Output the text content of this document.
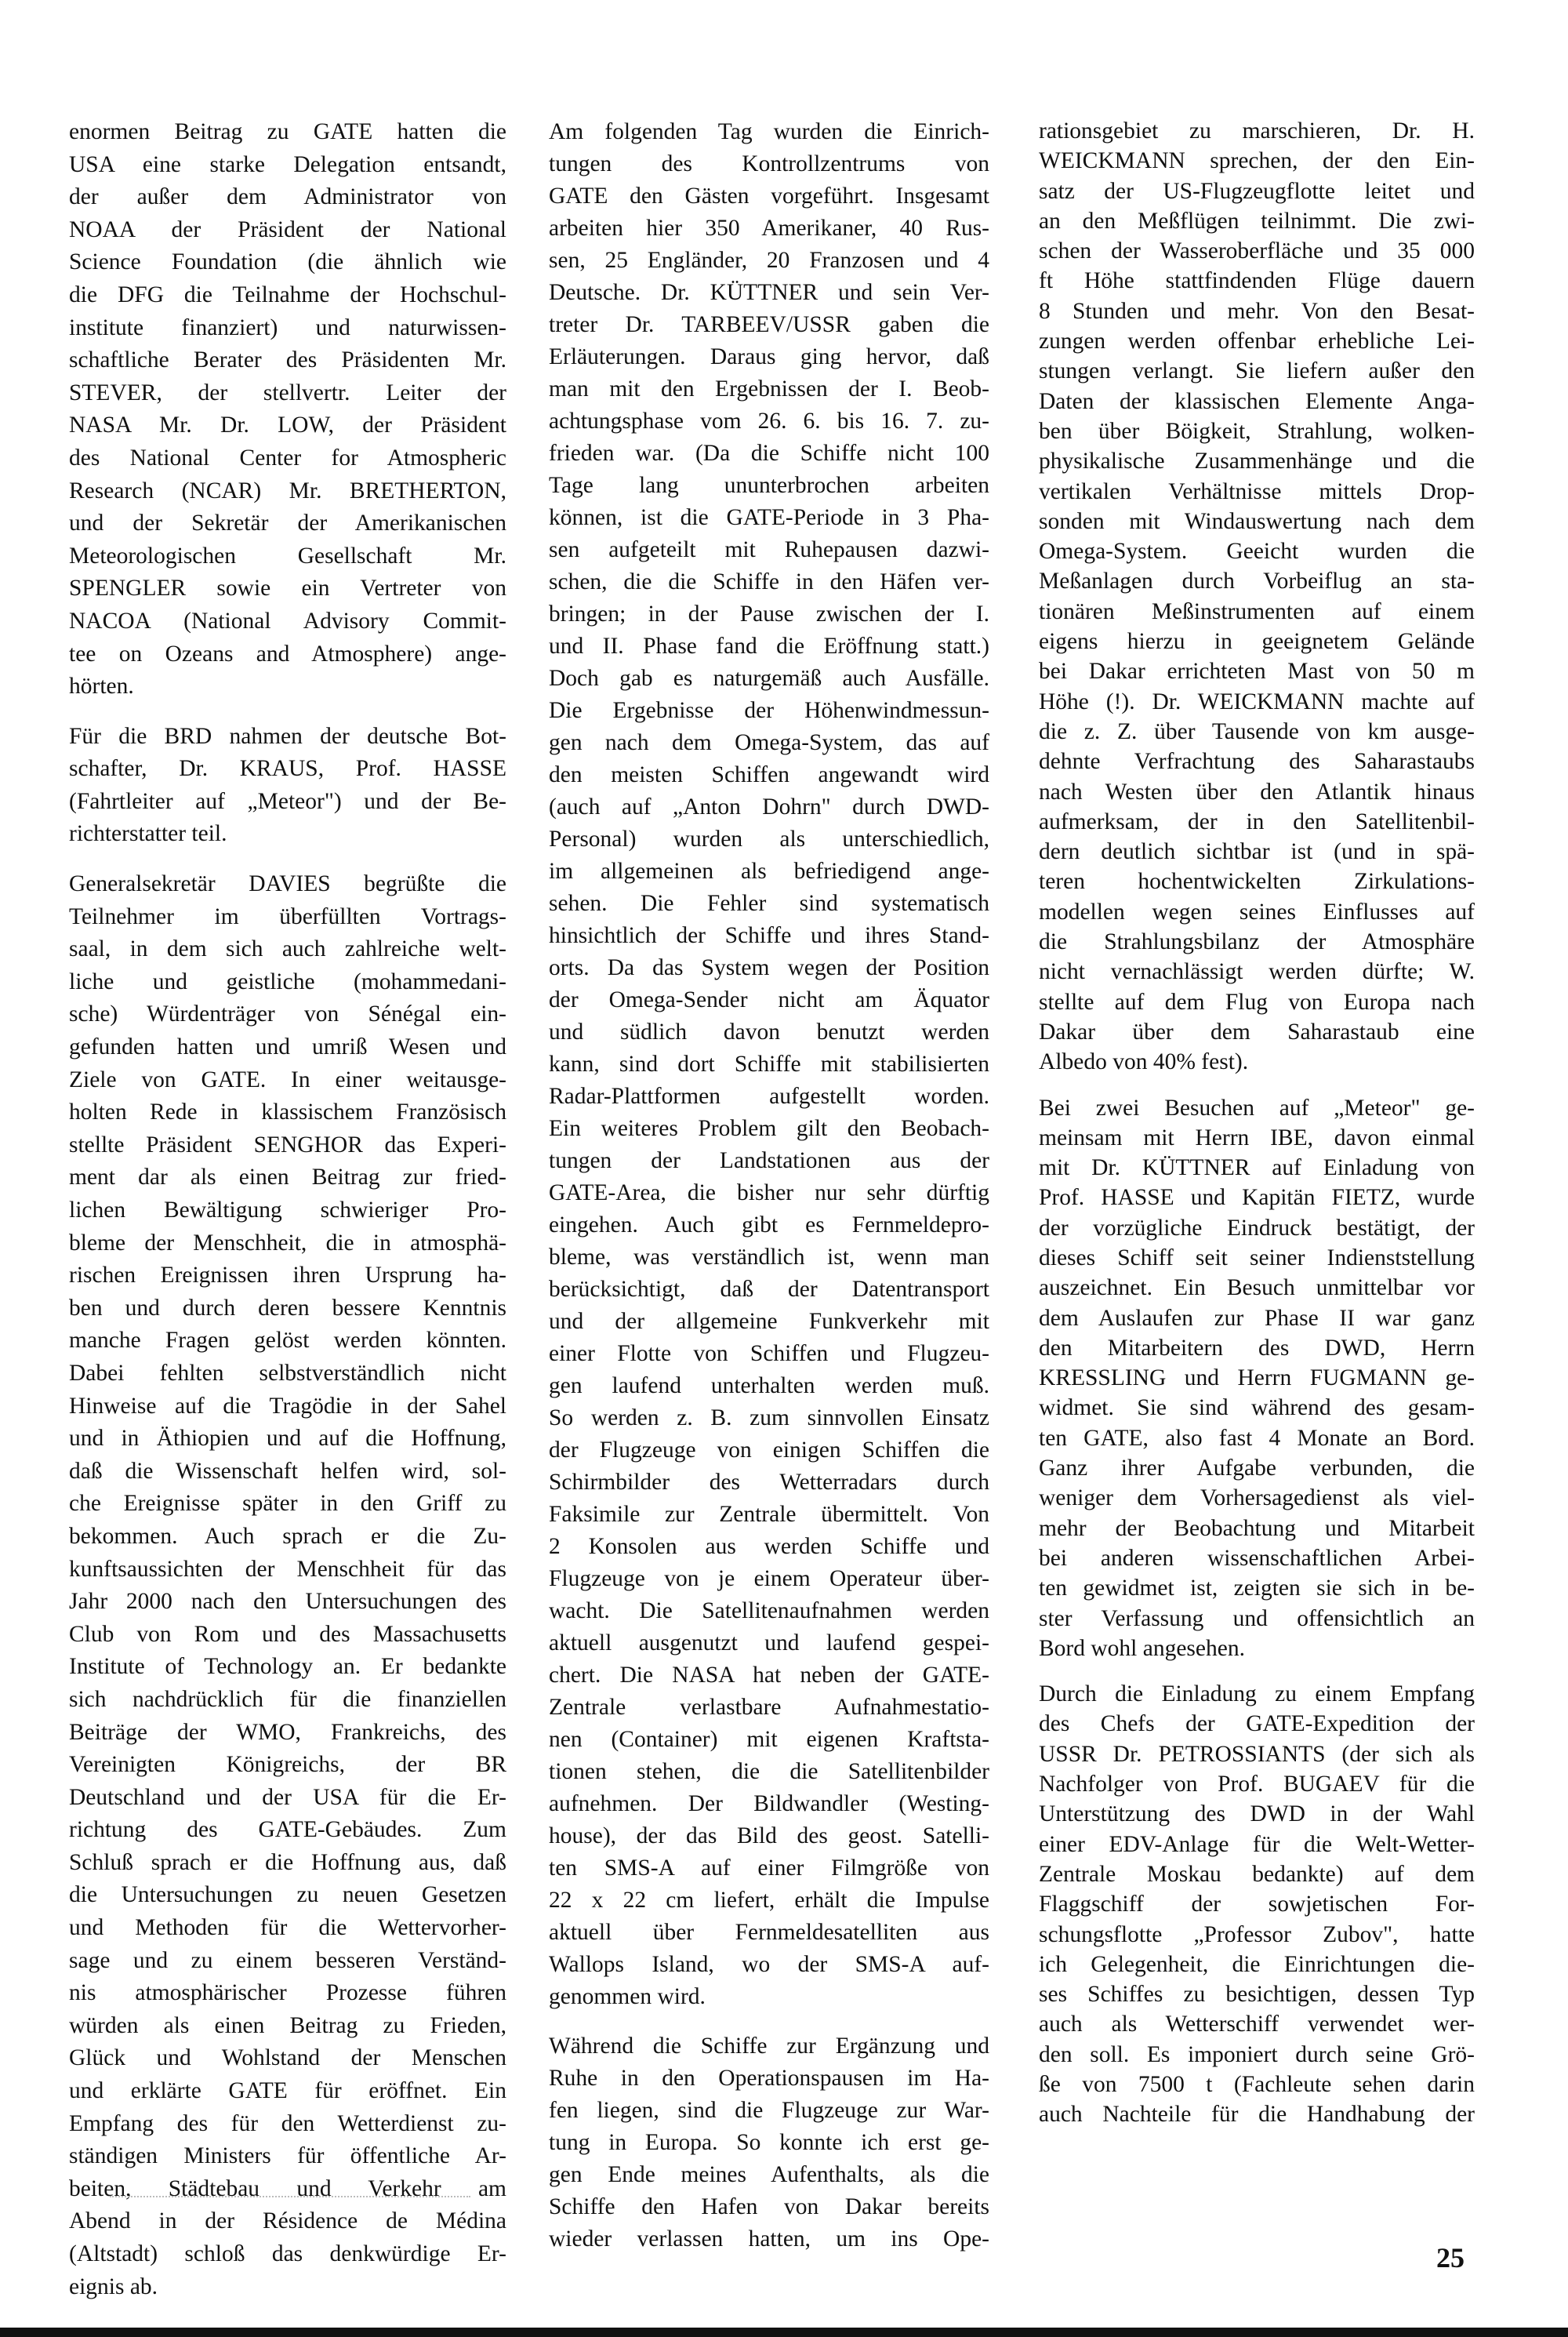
enormen Beitrag zu GATE hatten die
USA eine starke Delegation entsandt,
der außer dem Administrator von
NOAA der Präsident der National
Science Foundation (die ähnlich wie
die DFG die Teilnahme der Hochschul-
institute finanziert) und naturwissen-
schaftliche Berater des Präsidenten Mr.
STEVER, der stellvertr. Leiter der
NASA Mr. Dr. LOW, der Präsident
des National Center for Atmospheric
Research (NCAR) Mr. BRETHERTON,
und der Sekretär der Amerikanischen
Meteorologischen Gesellschaft Mr.
SPENGLER sowie ein Vertreter von
NACOA (National Advisory Commit-
tee on Ozeans and Atmosphere) ange-
hörten.
Für die BRD nahmen der deutsche Bot-
schafter, Dr. KRAUS, Prof. HASSE
(Fahrtleiter auf „Meteor") und der Be-
richterstatter teil.
Generalsekretär DAVIES begrüßte die
Teilnehmer im überfüllten Vortrags-
saal, in dem sich auch zahlreiche welt-
liche und geistliche (mohammedani-
sche) Würdenträger von Sénégal ein-
gefunden hatten und umriß Wesen und
Ziele von GATE. In einer weitausge-
holten Rede in klassischem Französisch
stellte Präsident SENGHOR das Experi-
ment dar als einen Beitrag zur fried-
lichen Bewältigung schwieriger Pro-
bleme der Menschheit, die in atmosphä-
rischen Ereignissen ihren Ursprung ha-
ben und durch deren bessere Kenntnis
manche Fragen gelöst werden könnten.
Dabei fehlten selbstverständlich nicht
Hinweise auf die Tragödie in der Sahel
und in Äthiopien und auf die Hoffnung,
daß die Wissenschaft helfen wird, sol-
che Ereignisse später in den Griff zu
bekommen. Auch sprach er die Zu-
kunftsaussichten der Menschheit für das
Jahr 2000 nach den Untersuchungen des
Club von Rom und des Massachusetts
Institute of Technology an. Er bedankte
sich nachdrücklich für die finanziellen
Beiträge der WMO, Frankreichs, des
Vereinigten Königreichs, der BR
Deutschland und der USA für die Er-
richtung des GATE-Gebäudes. Zum
Schluß sprach er die Hoffnung aus, daß
die Untersuchungen zu neuen Gesetzen
und Methoden für die Wettervorher-
sage und zu einem besseren Verständ-
nis atmosphärischer Prozesse führen
würden als einen Beitrag zu Frieden,
Glück und Wohlstand der Menschen
und erklärte GATE für eröffnet. Ein
Empfang des für den Wetterdienst zu-
ständigen Ministers für öffentliche Ar-
beiten, Städtebau und Verkehr am
Abend in der Résidence de Médina
(Altstadt) schloß das denkwürdige Er-
eignis ab.
Am folgenden Tag wurden die Einrich-
tungen des Kontrollzentrums von
GATE den Gästen vorgeführt. Insgesamt
arbeiten hier 350 Amerikaner, 40 Rus-
sen, 25 Engländer, 20 Franzosen und 4
Deutsche. Dr. KÜTTNER und sein Ver-
treter Dr. TARBEEV/USSR gaben die
Erläuterungen. Daraus ging hervor, daß
man mit den Ergebnissen der I. Beob-
achtungsphase vom 26. 6. bis 16. 7. zu-
frieden war. (Da die Schiffe nicht 100
Tage lang ununterbrochen arbeiten
können, ist die GATE-Periode in 3 Pha-
sen aufgeteilt mit Ruhepausen dazwi-
schen, die die Schiffe in den Häfen ver-
bringen; in der Pause zwischen der I.
und II. Phase fand die Eröffnung statt.)
Doch gab es naturgemäß auch Ausfälle.
Die Ergebnisse der Höhenwindmessun-
gen nach dem Omega-System, das auf
den meisten Schiffen angewandt wird
(auch auf „Anton Dohrn" durch DWD-
Personal) wurden als unterschiedlich,
im allgemeinen als befriedigend ange-
sehen. Die Fehler sind systematisch
hinsichtlich der Schiffe und ihres Stand-
orts. Da das System wegen der Position
der Omega-Sender nicht am Äquator
und südlich davon benutzt werden
kann, sind dort Schiffe mit stabilisierten
Radar-Plattformen aufgestellt worden.
Ein weiteres Problem gilt den Beobach-
tungen der Landstationen aus der
GATE-Area, die bisher nur sehr dürftig
eingehen. Auch gibt es Fernmeldepro-
bleme, was verständlich ist, wenn man
berücksichtigt, daß der Datentransport
und der allgemeine Funkverkehr mit
einer Flotte von Schiffen und Flugzeu-
gen laufend unterhalten werden muß.
So werden z. B. zum sinnvollen Einsatz
der Flugzeuge von einigen Schiffen die
Schirmbilder des Wetterradars durch
Faksimile zur Zentrale übermittelt. Von
2 Konsolen aus werden Schiffe und
Flugzeuge von je einem Operateur über-
wacht. Die Satellitenaufnahmen werden
aktuell ausgenutzt und laufend gespei-
chert. Die NASA hat neben der GATE-
Zentrale verlastbare Aufnahmestatio-
nen (Container) mit eigenen Kraftsta-
tionen stehen, die die Satellitenbilder
aufnehmen. Der Bildwandler (Westing-
house), der das Bild des geost. Satelli-
ten SMS-A auf einer Filmgröße von
22 x 22 cm liefert, erhält die Impulse
aktuell über Fernmeldesatelliten aus
Wallops Island, wo der SMS-A auf-
genommen wird.
Während die Schiffe zur Ergänzung und
Ruhe in den Operationspausen im Ha-
fen liegen, sind die Flugzeuge zur War-
tung in Europa. So konnte ich erst ge-
gen Ende meines Aufenthalts, als die
Schiffe den Hafen von Dakar bereits
wieder verlassen hatten, um ins Ope-
rationsgebiet zu marschieren, Dr. H.
WEICKMANN sprechen, der den Ein-
satz der US-Flugzeugflotte leitet und
an den Meßflügen teilnimmt. Die zwi-
schen der Wasseroberfläche und 35 000
ft Höhe stattfindenden Flüge dauern
8 Stunden und mehr. Von den Besat-
zungen werden offenbar erhebliche Lei-
stungen verlangt. Sie liefern außer den
Daten der klassischen Elemente Anga-
ben über Böigkeit, Strahlung, wolken-
physikalische Zusammenhänge und die
vertikalen Verhältnisse mittels Drop-
sonden mit Windauswertung nach dem
Omega-System. Geeicht wurden die
Meßanlagen durch Vorbeiflug an sta-
tionären Meßinstrumenten auf einem
eigens hierzu in geeignetem Gelände
bei Dakar errichteten Mast von 50 m
Höhe (!). Dr. WEICKMANN machte auf
die z. Z. über Tausende von km ausge-
dehnte Verfrachtung des Saharastaubs
nach Westen über den Atlantik hinaus
aufmerksam, der in den Satellitenbil-
dern deutlich sichtbar ist (und in spä-
teren hochentwickelten Zirkulations-
modellen wegen seines Einflusses auf
die Strahlungsbilanz der Atmosphäre
nicht vernachlässigt werden dürfte; W.
stellte auf dem Flug von Europa nach
Dakar über dem Saharastaub eine
Albedo von 40% fest).
Bei zwei Besuchen auf „Meteor" ge-
meinsam mit Herrn IBE, davon einmal
mit Dr. KÜTTNER auf Einladung von
Prof. HASSE und Kapitän FIETZ, wurde
der vorzügliche Eindruck bestätigt, der
dieses Schiff seit seiner Indienststellung
auszeichnet. Ein Besuch unmittelbar vor
dem Auslaufen zur Phase II war ganz
den Mitarbeitern des DWD, Herrn
KRESSLING und Herrn FUGMANN ge-
widmet. Sie sind während des gesam-
ten GATE, also fast 4 Monate an Bord.
Ganz ihrer Aufgabe verbunden, die
weniger dem Vorhersagedienst als viel-
mehr der Beobachtung und Mitarbeit
bei anderen wissenschaftlichen Arbei-
ten gewidmet ist, zeigten sie sich in be-
ster Verfassung und offensichtlich an
Bord wohl angesehen.
Durch die Einladung zu einem Empfang
des Chefs der GATE-Expedition der
USSR Dr. PETROSSIANTS (der sich als
Nachfolger von Prof. BUGAEV für die
Unterstützung des DWD in der Wahl
einer EDV-Anlage für die Welt-Wetter-
Zentrale Moskau bedankte) auf dem
Flaggschiff der sowjetischen For-
schungsflotte „Professor Zubov", hatte
ich Gelegenheit, die Einrichtungen die-
ses Schiffes zu besichtigen, dessen Typ
auch als Wetterschiff verwendet wer-
den soll. Es imponiert durch seine Grö-
ße von 7500 t (Fachleute sehen darin
auch Nachteile für die Handhabung der
25
